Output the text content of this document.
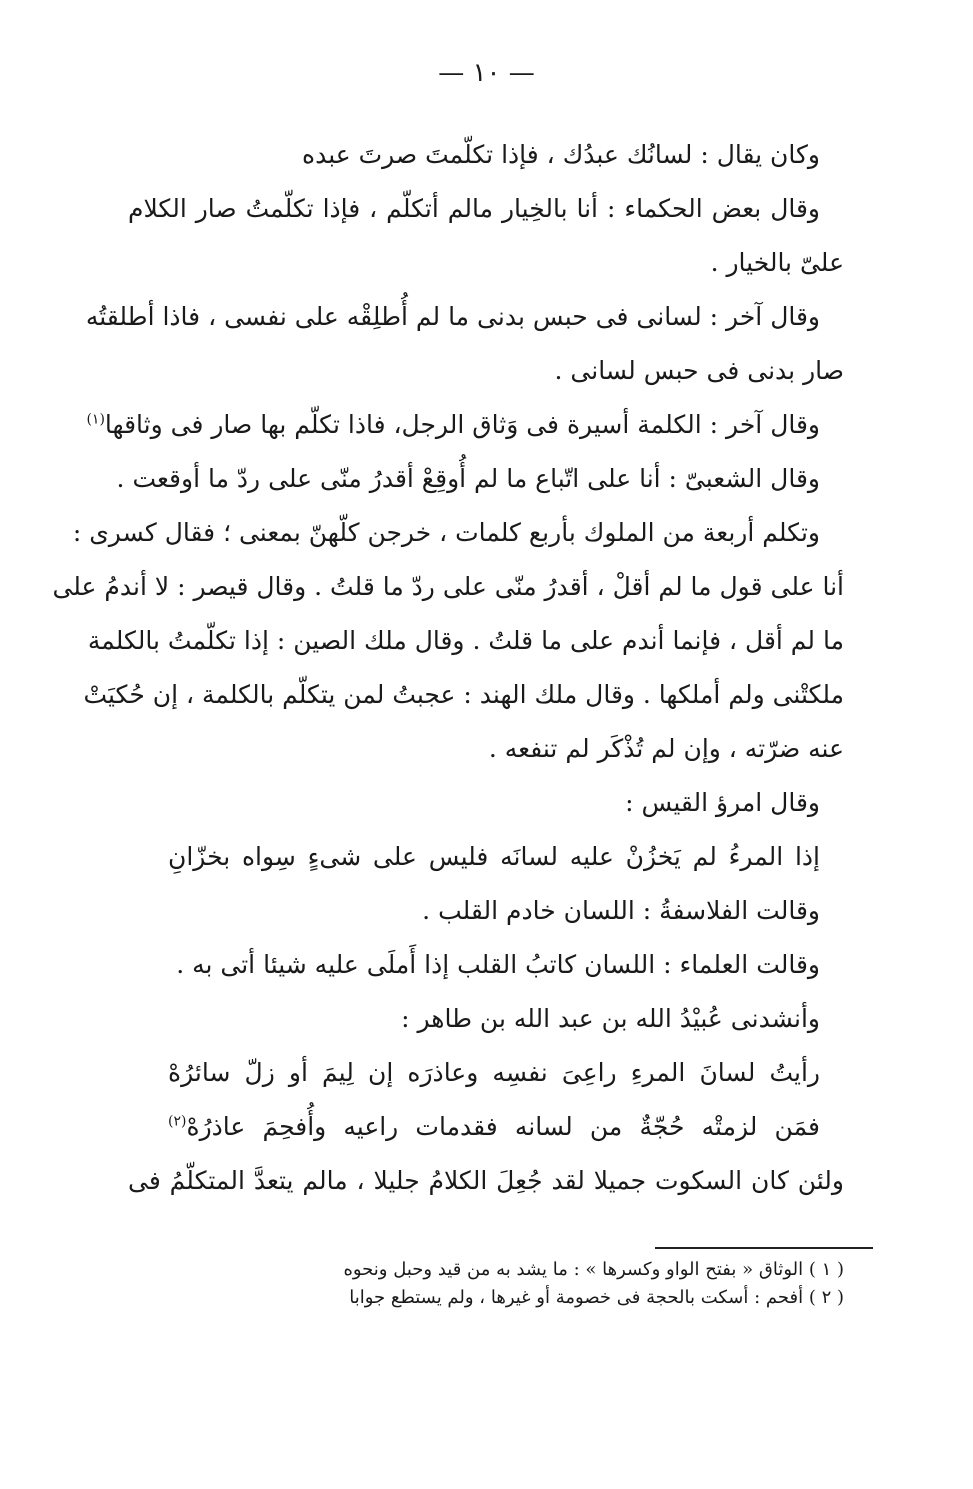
— ١٠ —
وكان يقال : لسانُك عبدُك ، فإذا تكلّمتَ صرتَ عبده
وقال بعض الحكماء : أنا بالخِيار مالم أتكلّم ، فإذا تكلّمتُ صار الكلام
علىّ بالخيار .
وقال آخر : لسانى فى حبس بدنى ما لم أُطلِقْه على نفسى ، فاذا أطلقتُه
صار بدنى فى حبس لسانى .
وقال آخر : الكلمة أسيرة فى وَثاق الرجل، فاذا تكلّم بها صار فى وثاقها$^{(١)}$
وقال الشعبىّ : أنا على اتّباع ما لم أُوقِعْ أقدرُ منّى على ردّ ما أوقعت .
وتكلم أربعة من الملوك بأربع كلمات ، خرجن كلّهنّ بمعنى ؛ فقال كسرى :
أنا على قول ما لم أقلْ ، أقدرُ منّى على ردّ ما قلتُ . وقال قيصر : لا أندمُ على
ما لم أقل ، فإنما أندم على ما قلتُ . وقال ملك الصين : إذا تكلّمتُ بالكلمة
ملكتْنى ولم أملكها . وقال ملك الهند : عجبتُ لمن يتكلّم بالكلمة ، إن حُكيَتْ
عنه ضرّته ، وإن لم تُذْكَر لم تنفعه .
وقال امرؤ القيس :
إذا المرءُ لم يَخزُنْ عليه لسانَه فليس على شىءٍ سِواه بخزّانِ
وقالت الفلاسفةُ : اللسان خادم القلب .
وقالت العلماء : اللسان كاتبُ القلب إذا أَملَى عليه شيئا أتى به .
وأنشدنى عُبيْدُ الله بن عبد الله بن طاهر :
رأيتُ لسانَ المرءِ راعِىَ نفسِه وعاذرَه إن لِيمَ أو زلّ سائرُهْ
فمَن لزمتْه حُجّةٌ من لسانه فقدمات راعيه وأُفحِمَ عاذرُهْ$^{(٢)}$
ولئن كان السكوت جميلا لقد جُعِلَ الكلامُ جليلا ، مالم يتعدَّ المتكلّمُ فى
( ١ ) الوثاق « بفتح الواو وكسرها » : ما يشد به من قيد وحبل ونحوه
( ٢ ) أفحم : أسكت بالحجة فى خصومة أو غيرها ، ولم يستطع جوابا
